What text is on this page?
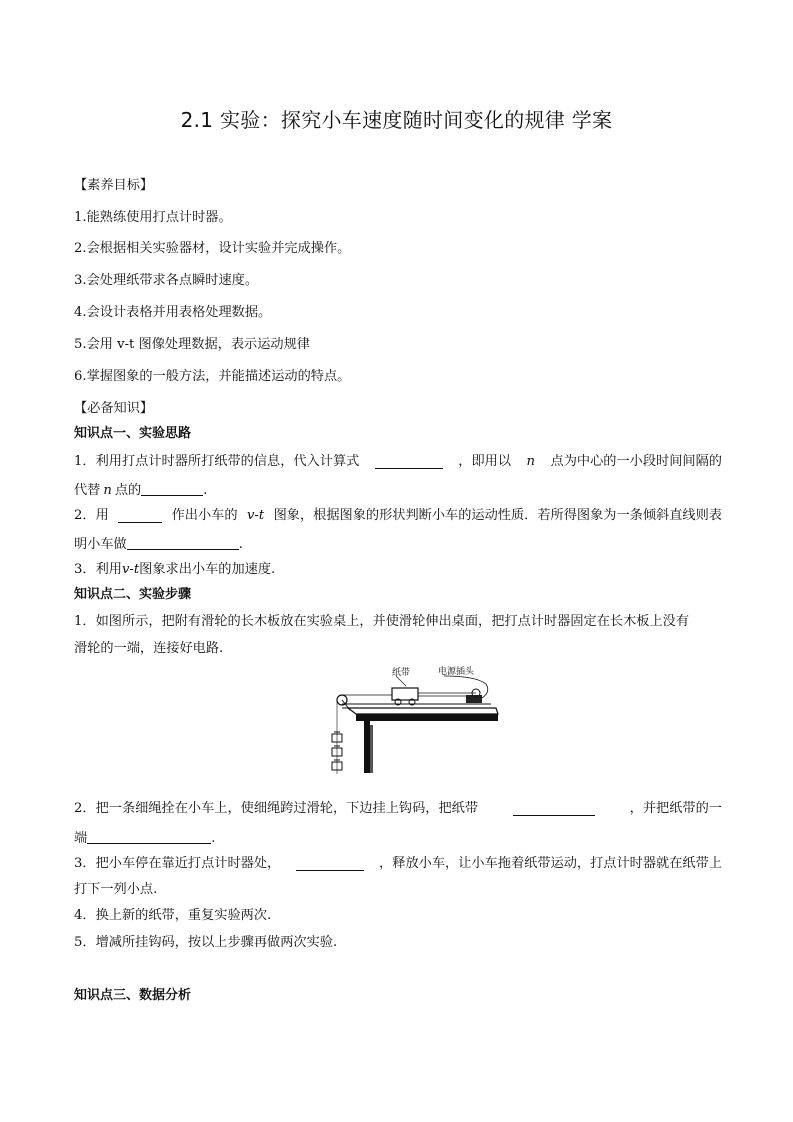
2.1 实验：探究小车速度随时间变化的规律 学案
【素养目标】
1.能熟练使用打点计时器。
2.会根据相关实验器材，设计实验并完成操作。
3.会处理纸带求各点瞬时速度。
4.会设计表格并用表格处理数据。
5.会用 v-t 图像处理数据，表示运动规律
6.掌握图象的一般方法，并能描述运动的特点。
【必备知识】
知识点一、实验思路
1．利用打点计时器所打纸带的信息，代入计算式	，即用以 n 点为中心的一小段时间间隔的
代替 n 点的	.
2．用	作出小车的 v-t 图象，根据图象的形状判断小车的运动性质．若所得图象为一条倾斜直线则表
明小车做	.
3．利用v-t图象求出小车的加速度.
知识点二、实验步骤
1．如图所示，把附有滑轮的长木板放在实验桌上，并使滑轮伸出桌面，把打点计时器固定在长木板上没有
滑轮的一端，连接好电路.
纸带	电源插头
2．把一条细绳拴在小车上，使细绳跨过滑轮，下边挂上钩码，把纸带	，并把纸带的一
端	.
3．把小车停在靠近打点计时器处，	，释放小车，让小车拖着纸带运动，打点计时器就在纸带上
打下一列小点.
4．换上新的纸带，重复实验两次.
5．增减所挂钩码，按以上步骤再做两次实验.
知识点三、数据分析
